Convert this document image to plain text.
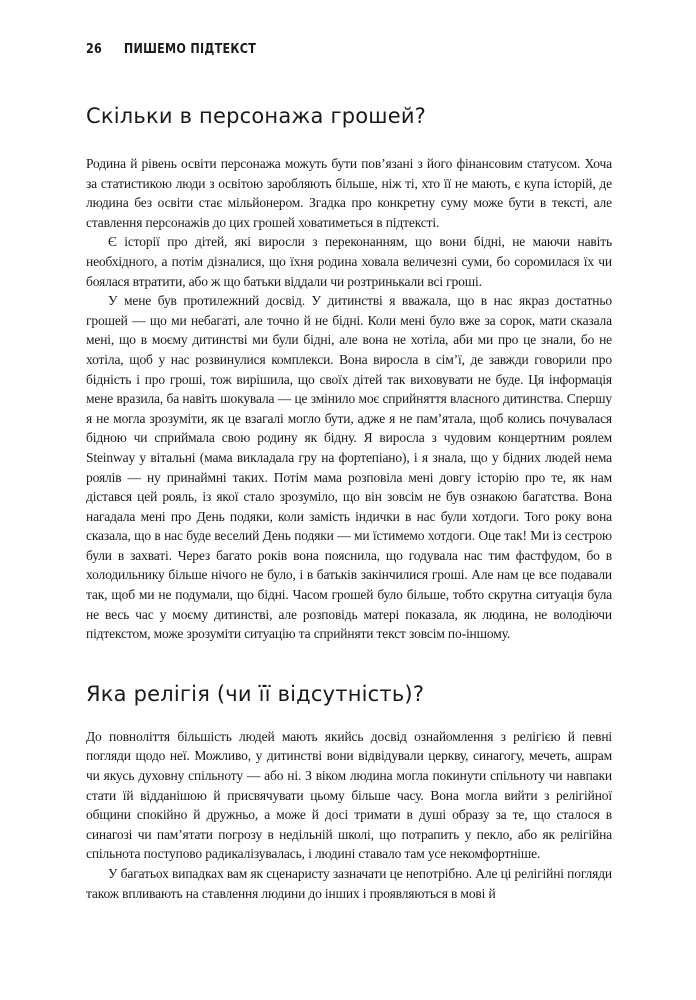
26 ПИШЕМО ПІДТЕКСТ
Скільки в персонажа грошей?

Родина й рівень освіти персонажа можуть бути пов’язані з його фінансовим статусом. Хоча за статистикою люди з освітою заробляють більше, ніж ті, хто її не мають, є купа історій, де людина без освіти стає мільйонером. Згадка про конкретну суму може бути в тексті, але ставлення персонажів до цих грошей ховатиметься в підтексті.

Є історії про дітей, які виросли з переконанням, що вони бідні, не маючи навіть необхідного, а потім дізналися, що їхня родина ховала величезні суми, бо соромилася їх чи боялася втратити, або ж що батьки віддали чи розтринькали всі гроші.

У мене був протилежний досвід. У дитинстві я вважала, що в нас якраз достатньо грошей — що ми небагаті, але точно й не бідні. Коли мені було вже за сорок, мати сказала мені, що в моєму дитинстві ми були бідні, але вона не хотіла, аби ми про це знали, бо не хотіла, щоб у нас розвинулися комплекси. Вона виросла в сім’ї, де завжди говорили про бідність і про гроші, тож вирішила, що своїх дітей так виховувати не буде. Ця інформація мене вразила, ба навіть шокувала — це змінило моє сприйняття власного дитинства. Спершу я не могла зрозуміти, як це взагалі могло бути, адже я не пам’ятала, щоб колись почувалася бідною чи сприймала свою родину як бідну. Я виросла з чудовим концертним роялем Steinway у вітальні (мама викладала гру на фортепіано), і я знала, що у бідних людей нема роялів — ну принаймні таких. Потім мама розповіла мені довгу історію про те, як нам дістався цей рояль, із якої стало зрозуміло, що він зовсім не був ознакою багатства. Вона нагадала мені про День подяки, коли замість індички в нас були хотдоги. Того року вона сказала, що в нас буде веселий День подяки — ми їстимемо хотдоги. Оце так! Ми із сестрою були в захваті. Через багато років вона пояснила, що годувала нас тим фастфудом, бо в холодильнику більше нічого не було, і в батьків закінчилися гроші. Але нам це все подавали так, щоб ми не подумали, що бідні. Часом грошей було більше, тобто скрутна ситуація була не весь час у моєму дитинстві, але розповідь матері показала, як людина, не володіючи підтекстом, може зрозуміти ситуацію та сприйняти текст зовсім по-іншому.

Яка релігія (чи її відсутність)?

До повноліття більшість людей мають якийсь досвід ознайомлення з релігією й певні погляди щодо неї. Можливо, у дитинстві вони відвідували церкву, синагогу, мечеть, ашрам чи якусь духовну спільноту — або ні. З віком людина могла покинути спільноту чи навпаки стати їй відданішою й присвячувати цьому більше часу. Вона могла вийти з релігійної общини спокійно й дружньо, а може й досі тримати в душі образу за те, що сталося в синагозі чи пам’ятати погрозу в недільній школі, що потрапить у пекло, або як релігійна спільнота поступово радикалізувалась, і людині ставало там усе некомфортніше.

У багатьох випадках вам як сценаристу зазначати це непотрібно. Але ці релігійні погляди також впливають на ставлення людини до інших і проявляються в мові й
